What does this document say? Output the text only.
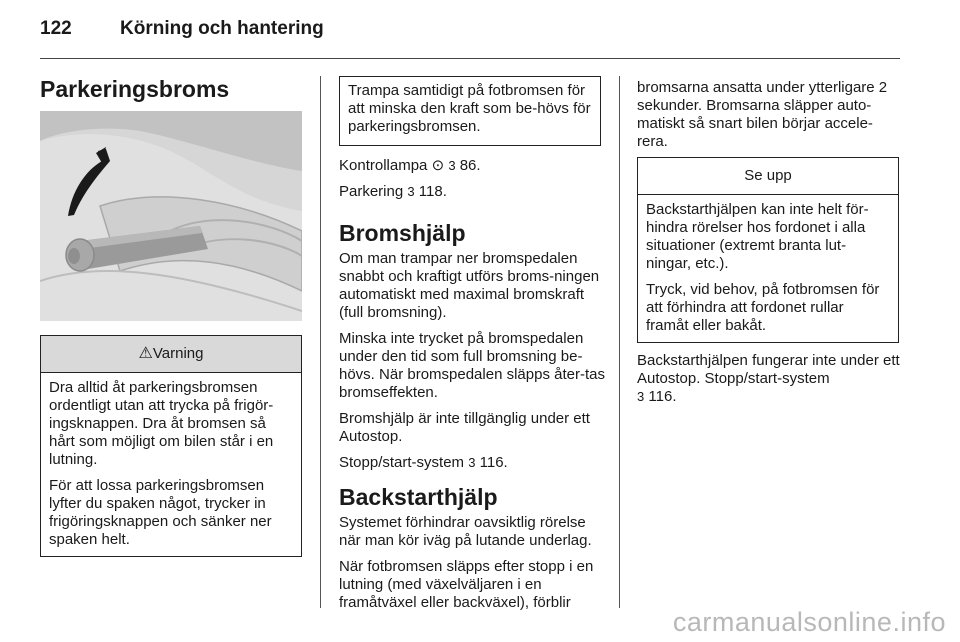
122	Körning och hantering
Parkeringsbroms
⚠Varning

Dra alltid åt parkeringsbromsen ordentligt utan att trycka på frigör-ingsknappen. Dra åt bromsen så hårt som möjligt om bilen står i en lutning.

För att lossa parkeringsbromsen lyfter du spaken något, trycker in frigöringsknappen och sänker ner spaken helt.

Trampa samtidigt på fotbromsen för att minska den kraft som be-hövs för parkeringsbromsen.

Kontrollampa ⊙ 3 86.

Parkering 3 118.

Bromshjälp

Om man trampar ner bromspedalen snabbt och kraftigt utförs broms-ningen automatiskt med maximal bromskraft (full bromsning).

Minska inte trycket på bromspedalen under den tid som full bromsning be-hövs. När bromspedalen släpps åter-tas bromseffekten.

Bromshjälp är inte tillgänglig under ett Autostop.

Stopp/start-system 3 116.

Backstarthjälp

Systemet förhindrar oavsiktlig rörelse när man kör iväg på lutande underlag.

När fotbromsen släpps efter stopp i en lutning (med växelväljaren i en framåtväxel eller backväxel), förblir

bromsarna ansatta under ytterligare 2 sekunder. Bromsarna släpper auto-matiskt så snart bilen börjar accele-rera.

Se upp

Backstarthjälpen kan inte helt för-hindra rörelser hos fordonet i alla situationer (extremt branta lut-ningar, etc.).

Tryck, vid behov, på fotbromsen för att förhindra att fordonet rullar framåt eller bakåt.

Backstarthjälpen fungerar inte under ett Autostop. Stopp/start-system
3 116.

carmanualsonline.info
